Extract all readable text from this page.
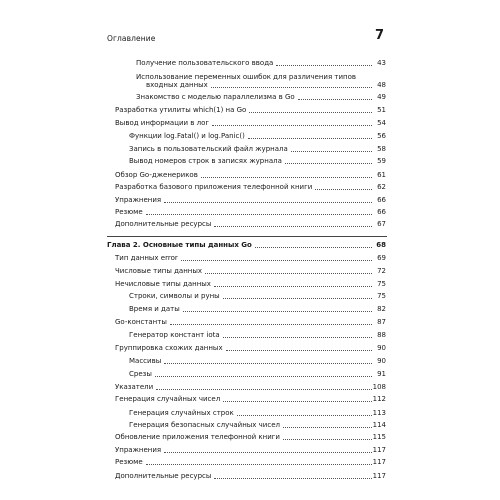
Оглавление	7
Получение пользовательского ввода	43
Использование переменных ошибок для различения типов
входных данных	48
Знакомство с моделью параллелизма в Go	49
Разработка утилиты which(1) на Go	51
Вывод информации в лог	54
Функции log.Fatal() и log.Panic()	56
Запись в пользовательский файл журнала	58
Вывод номеров строк в записях журнала	59
Обзор Go-дженериков	61
Разработка базового приложения телефонной книги	62
Упражнения	66
Резюме	66
Дополнительные ресурсы	67
Глава 2. Основные типы данных Go	68
Тип данных error	69
Числовые типы данных	72
Нечисловые типы данных	75
Строки, символы и руны	75
Время и даты	82
Go-константы	87
Генератор констант iota	88
Группировка схожих данных	90
Массивы	90
Срезы	91
Указатели	108
Генерация случайных чисел	112
Генерация случайных строк	113
Генерация безопасных случайных чисел	114
Обновление приложения телефонной книги	115
Упражнения	117
Резюме	117
Дополнительные ресурсы	117
